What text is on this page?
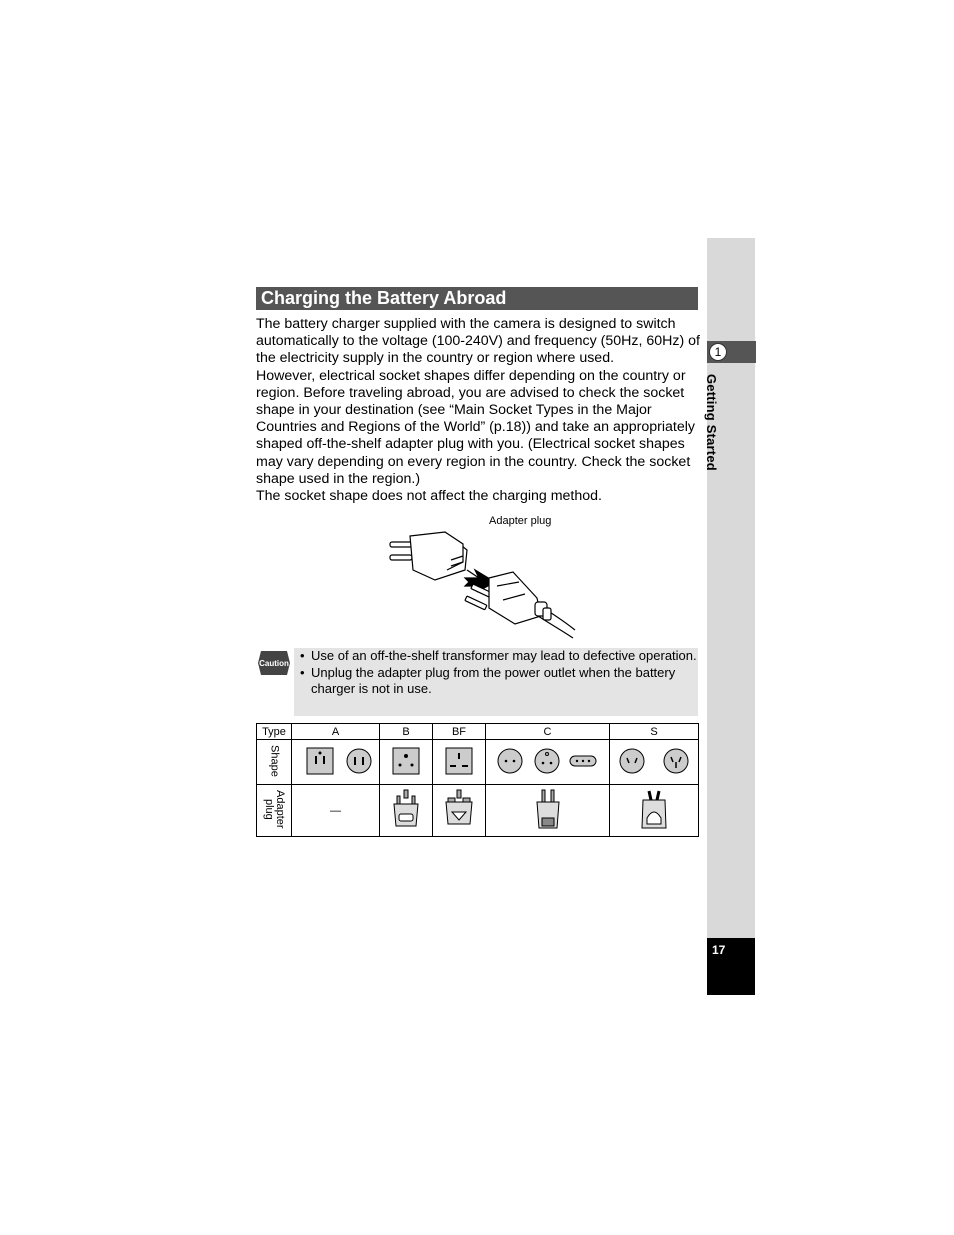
1
Getting Started
17
Charging the Battery Abroad

The battery charger supplied with the camera is designed to switch automatically to the voltage (100-240V) and frequency (50Hz, 60Hz) of the electricity supply in the country or region where used.

However, electrical socket shapes differ depending on the country or region. Before traveling abroad, you are advised to check the socket shape in your destination (see “Main Socket Types in the Major Countries and Regions of the World” (p.18)) and take an appropriately shaped off-the-shelf adapter plug with you. (Electrical socket shapes may vary depending on every region in the country. Check the socket shape used in the region.)

The socket shape does not affect the charging method.

Adapter plug
Caution
• Use of an off-the-shelf transformer may lead to defective operation.
• Unplug the adapter plug from the power outlet when the battery charger is not in use.
Type	A	B	BF	C	S
Shape					
Adapter plug	—				
